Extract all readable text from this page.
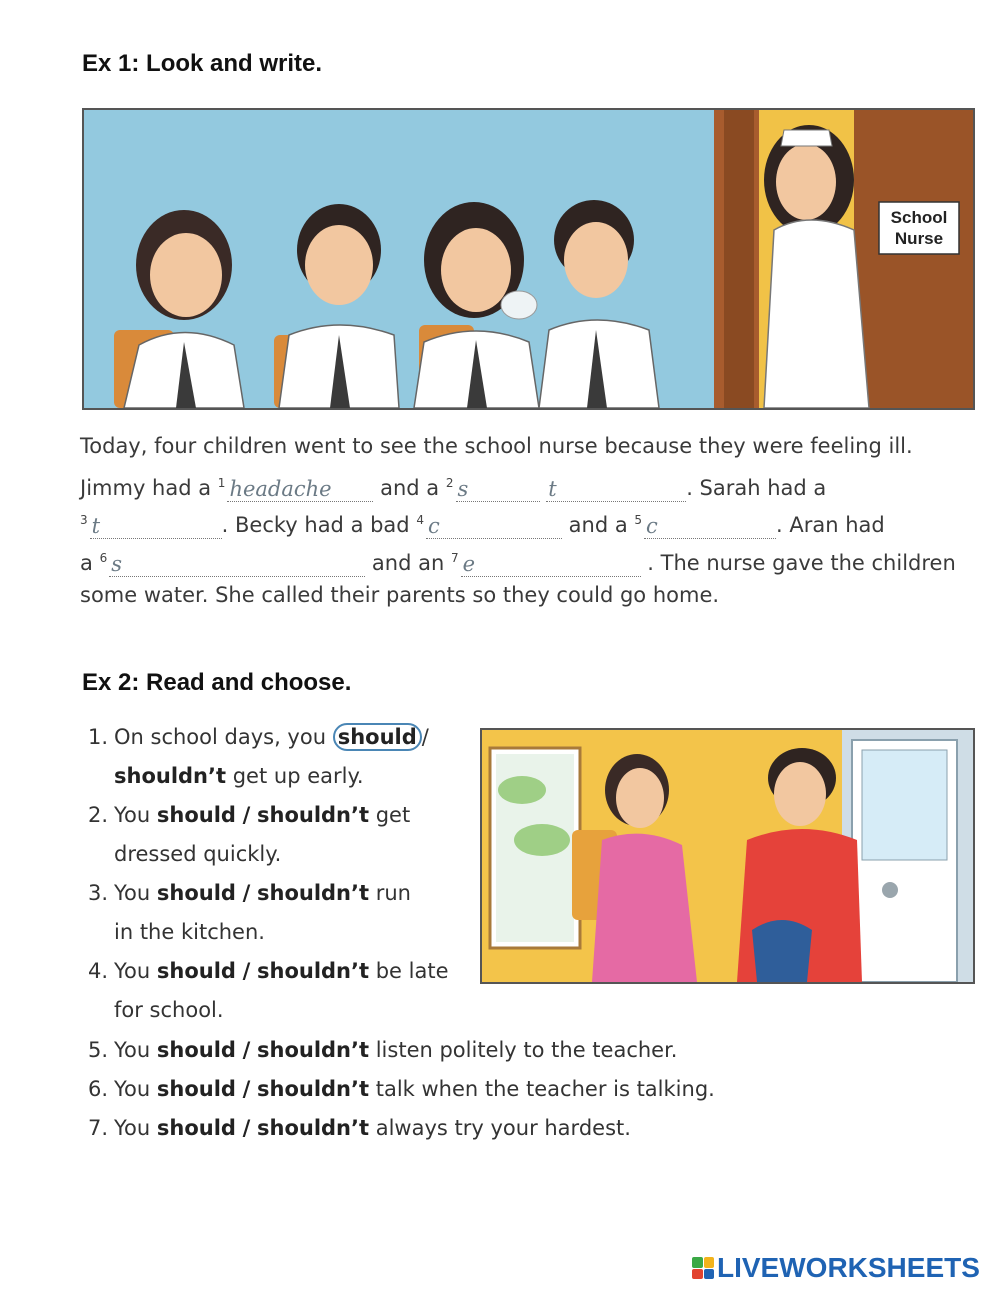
Ex 1: Look and write.
School
Nurse
Today, four children went to see the school nurse because they were feeling ill.
Jimmy had a $^1$ headache and a $^2$ s	t	. Sarah had a
$^3$ t	. Becky had a bad $^4$ c	and a $^5$ c	. Aran had
a $^6$ s	and an $^7$ e	. The nurse gave the children
some water. She called their parents so they could go home.
Ex 2: Read and choose.
1. On school days, you should /
shouldn’t get up early.
2. You should / shouldn’t get
dressed quickly.
3. You should / shouldn’t run
in the kitchen.
4. You should / shouldn’t be late
for school.
5. You should / shouldn’t listen politely to the teacher.
6. You should / shouldn’t talk when the teacher is talking.
7. You should / shouldn’t always try your hardest.
LIVEWORKSHEETS
